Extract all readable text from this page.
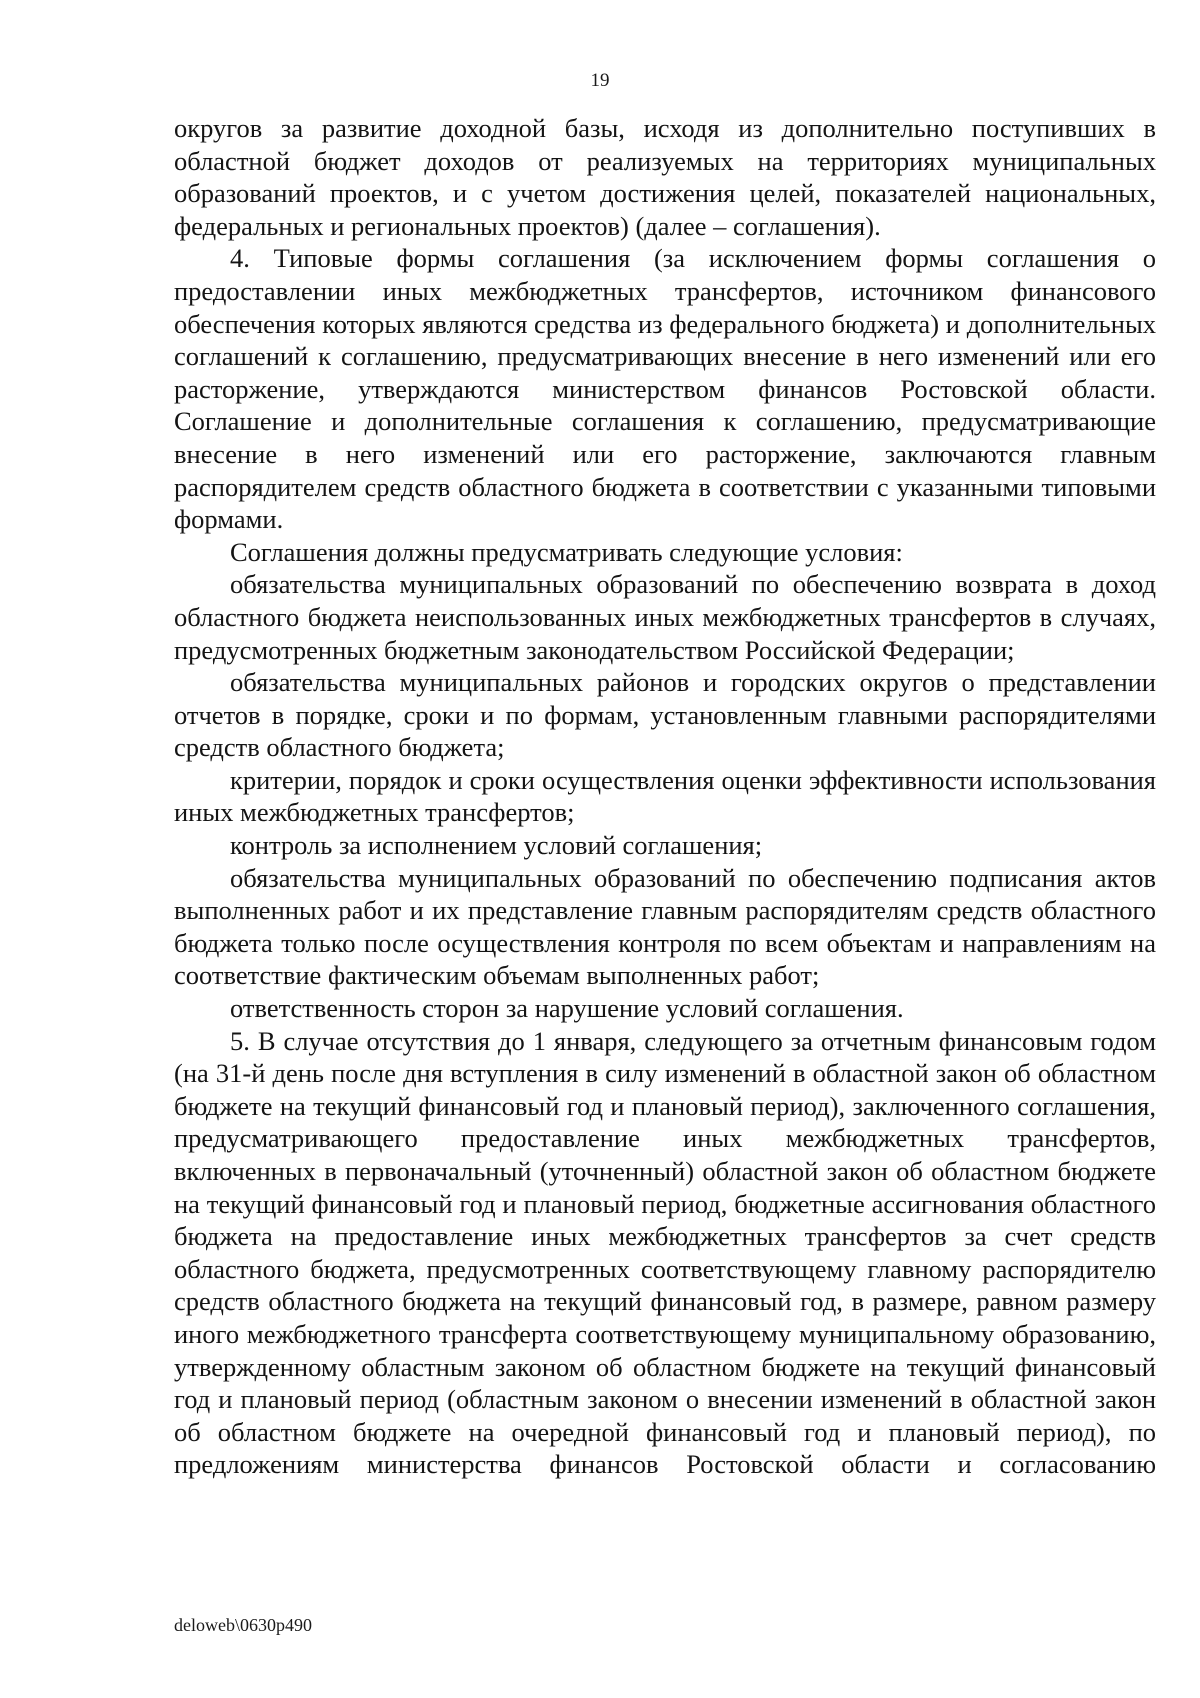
19

округов за развитие доходной базы, исходя из дополнительно поступивших в областной бюджет доходов от реализуемых на территориях муниципальных образований проектов, и с учетом достижения целей, показателей национальных, федеральных и региональных проектов) (далее – соглашения).

4. Типовые формы соглашения (за исключением формы соглашения о предоставлении иных межбюджетных трансфертов, источником финансового обеспечения которых являются средства из федерального бюджета) и дополнительных соглашений к соглашению, предусматривающих внесение в него изменений или его расторжение, утверждаются министерством финансов Ростовской области. Соглашение и дополнительные соглашения к соглашению, предусматривающие внесение в него изменений или его расторжение, заключаются главным распорядителем средств областного бюджета в соответствии с указанными типовыми формами.

Соглашения должны предусматривать следующие условия:

обязательства муниципальных образований по обеспечению возврата в доход областного бюджета неиспользованных иных межбюджетных трансфертов в случаях, предусмотренных бюджетным законодательством Российской Федерации;

обязательства муниципальных районов и городских округов о представлении отчетов в порядке, сроки и по формам, установленным главными распорядителями средств областного бюджета;

критерии, порядок и сроки осуществления оценки эффективности использования иных межбюджетных трансфертов;

контроль за исполнением условий соглашения;

обязательства муниципальных образований по обеспечению подписания актов выполненных работ и их представление главным распорядителям средств областного бюджета только после осуществления контроля по всем объектам и направлениям на соответствие фактическим объемам выполненных работ;

ответственность сторон за нарушение условий соглашения.

5. В случае отсутствия до 1 января, следующего за отчетным финансовым годом (на 31-й день после дня вступления в силу изменений в областной закон об областном бюджете на текущий финансовый год и плановый период), заключенного соглашения, предусматривающего предоставление иных межбюджетных трансфертов, включенных в первоначальный (уточненный) областной закон об областном бюджете на текущий финансовый год и плановый период, бюджетные ассигнования областного бюджета на предоставление иных межбюджетных трансфертов за счет средств областного бюджета, предусмотренных соответствующему главному распорядителю средств областного бюджета на текущий финансовый год, в размере, равном размеру иного межбюджетного трансферта соответствующему муниципальному образованию, утвержденному областным законом об областном бюджете на текущий финансовый год и плановый период (областным законом о внесении изменений в областной закон об областном бюджете на очередной финансовый год и плановый период), по предложениям министерства финансов Ростовской области и согласованию

deloweb\0630p490
